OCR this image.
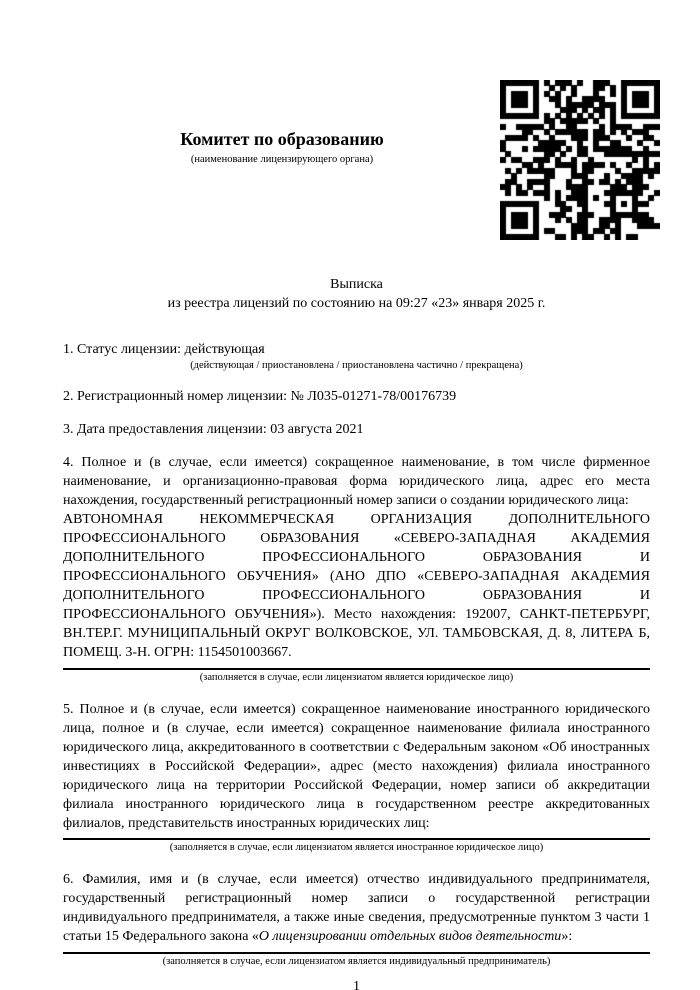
Комитет по образованию
(наименование лицензирующего органа)
Выписка
из реестра лицензий по состоянию на 09:27 «23» января 2025 г.

1. Статус лицензии: действующая

(действующая / приостановлена / приостановлена частично / прекращена)

2. Регистрационный номер лицензии: № Л035-01271-78/00176739

3. Дата предоставления лицензии: 03 августа 2021

4. Полное и (в случае, если имеется) сокращенное наименование, в том числе фирменное наименование, и организационно-правовая форма юридического лица, адрес его места нахождения, государственный регистрационный номер записи о создании юридического лица:
АВТОНОМНАЯ НЕКОММЕРЧЕСКАЯ ОРГАНИЗАЦИЯ ДОПОЛНИТЕЛЬНОГО ПРОФЕССИОНАЛЬНОГО ОБРАЗОВАНИЯ «СЕВЕРО-ЗАПАДНАЯ АКАДЕМИЯ ДОПОЛНИТЕЛЬНОГО ПРОФЕССИОНАЛЬНОГО ОБРАЗОВАНИЯ И ПРОФЕССИОНАЛЬНОГО ОБУЧЕНИЯ» (АНО ДПО «СЕВЕРО-ЗАПАДНАЯ АКАДЕМИЯ ДОПОЛНИТЕЛЬНОГО ПРОФЕССИОНАЛЬНОГО ОБРАЗОВАНИЯ И ПРОФЕССИОНАЛЬНОГО ОБУЧЕНИЯ»). Место нахождения: 192007, САНКТ-ПЕТЕРБУРГ, ВН.ТЕР.Г. МУНИЦИПАЛЬНЫЙ ОКРУГ ВОЛКОВСКОЕ, УЛ. ТАМБОВСКАЯ, Д. 8, ЛИТЕРА Б, ПОМЕЩ. 3-Н. ОГРН: 1154501003667.

(заполняется в случае, если лицензиатом является юридическое лицо)

5. Полное и (в случае, если имеется) сокращенное наименование иностранного юридического лица, полное и (в случае, если имеется) сокращенное наименование филиала иностранного юридического лица, аккредитованного в соответствии с Федеральным законом «Об иностранных инвестициях в Российской Федерации», адрес (место нахождения) филиала иностранного юридического лица на территории Российской Федерации, номер записи об аккредитации филиала иностранного юридического лица в государственном реестре аккредитованных филиалов, представительств иностранных юридических лиц:

(заполняется в случае, если лицензиатом является иностранное юридическое лицо)

6. Фамилия, имя и (в случае, если имеется) отчество индивидуального предпринимателя, государственный регистрационный номер записи о государственной регистрации индивидуального предпринимателя, а также иные сведения, предусмотренные пунктом 3 части 1 статьи 15 Федерального закона «О лицензировании отдельных видов деятельности»:

(заполняется в случае, если лицензиатом является индивидуальный предприниматель)
1
